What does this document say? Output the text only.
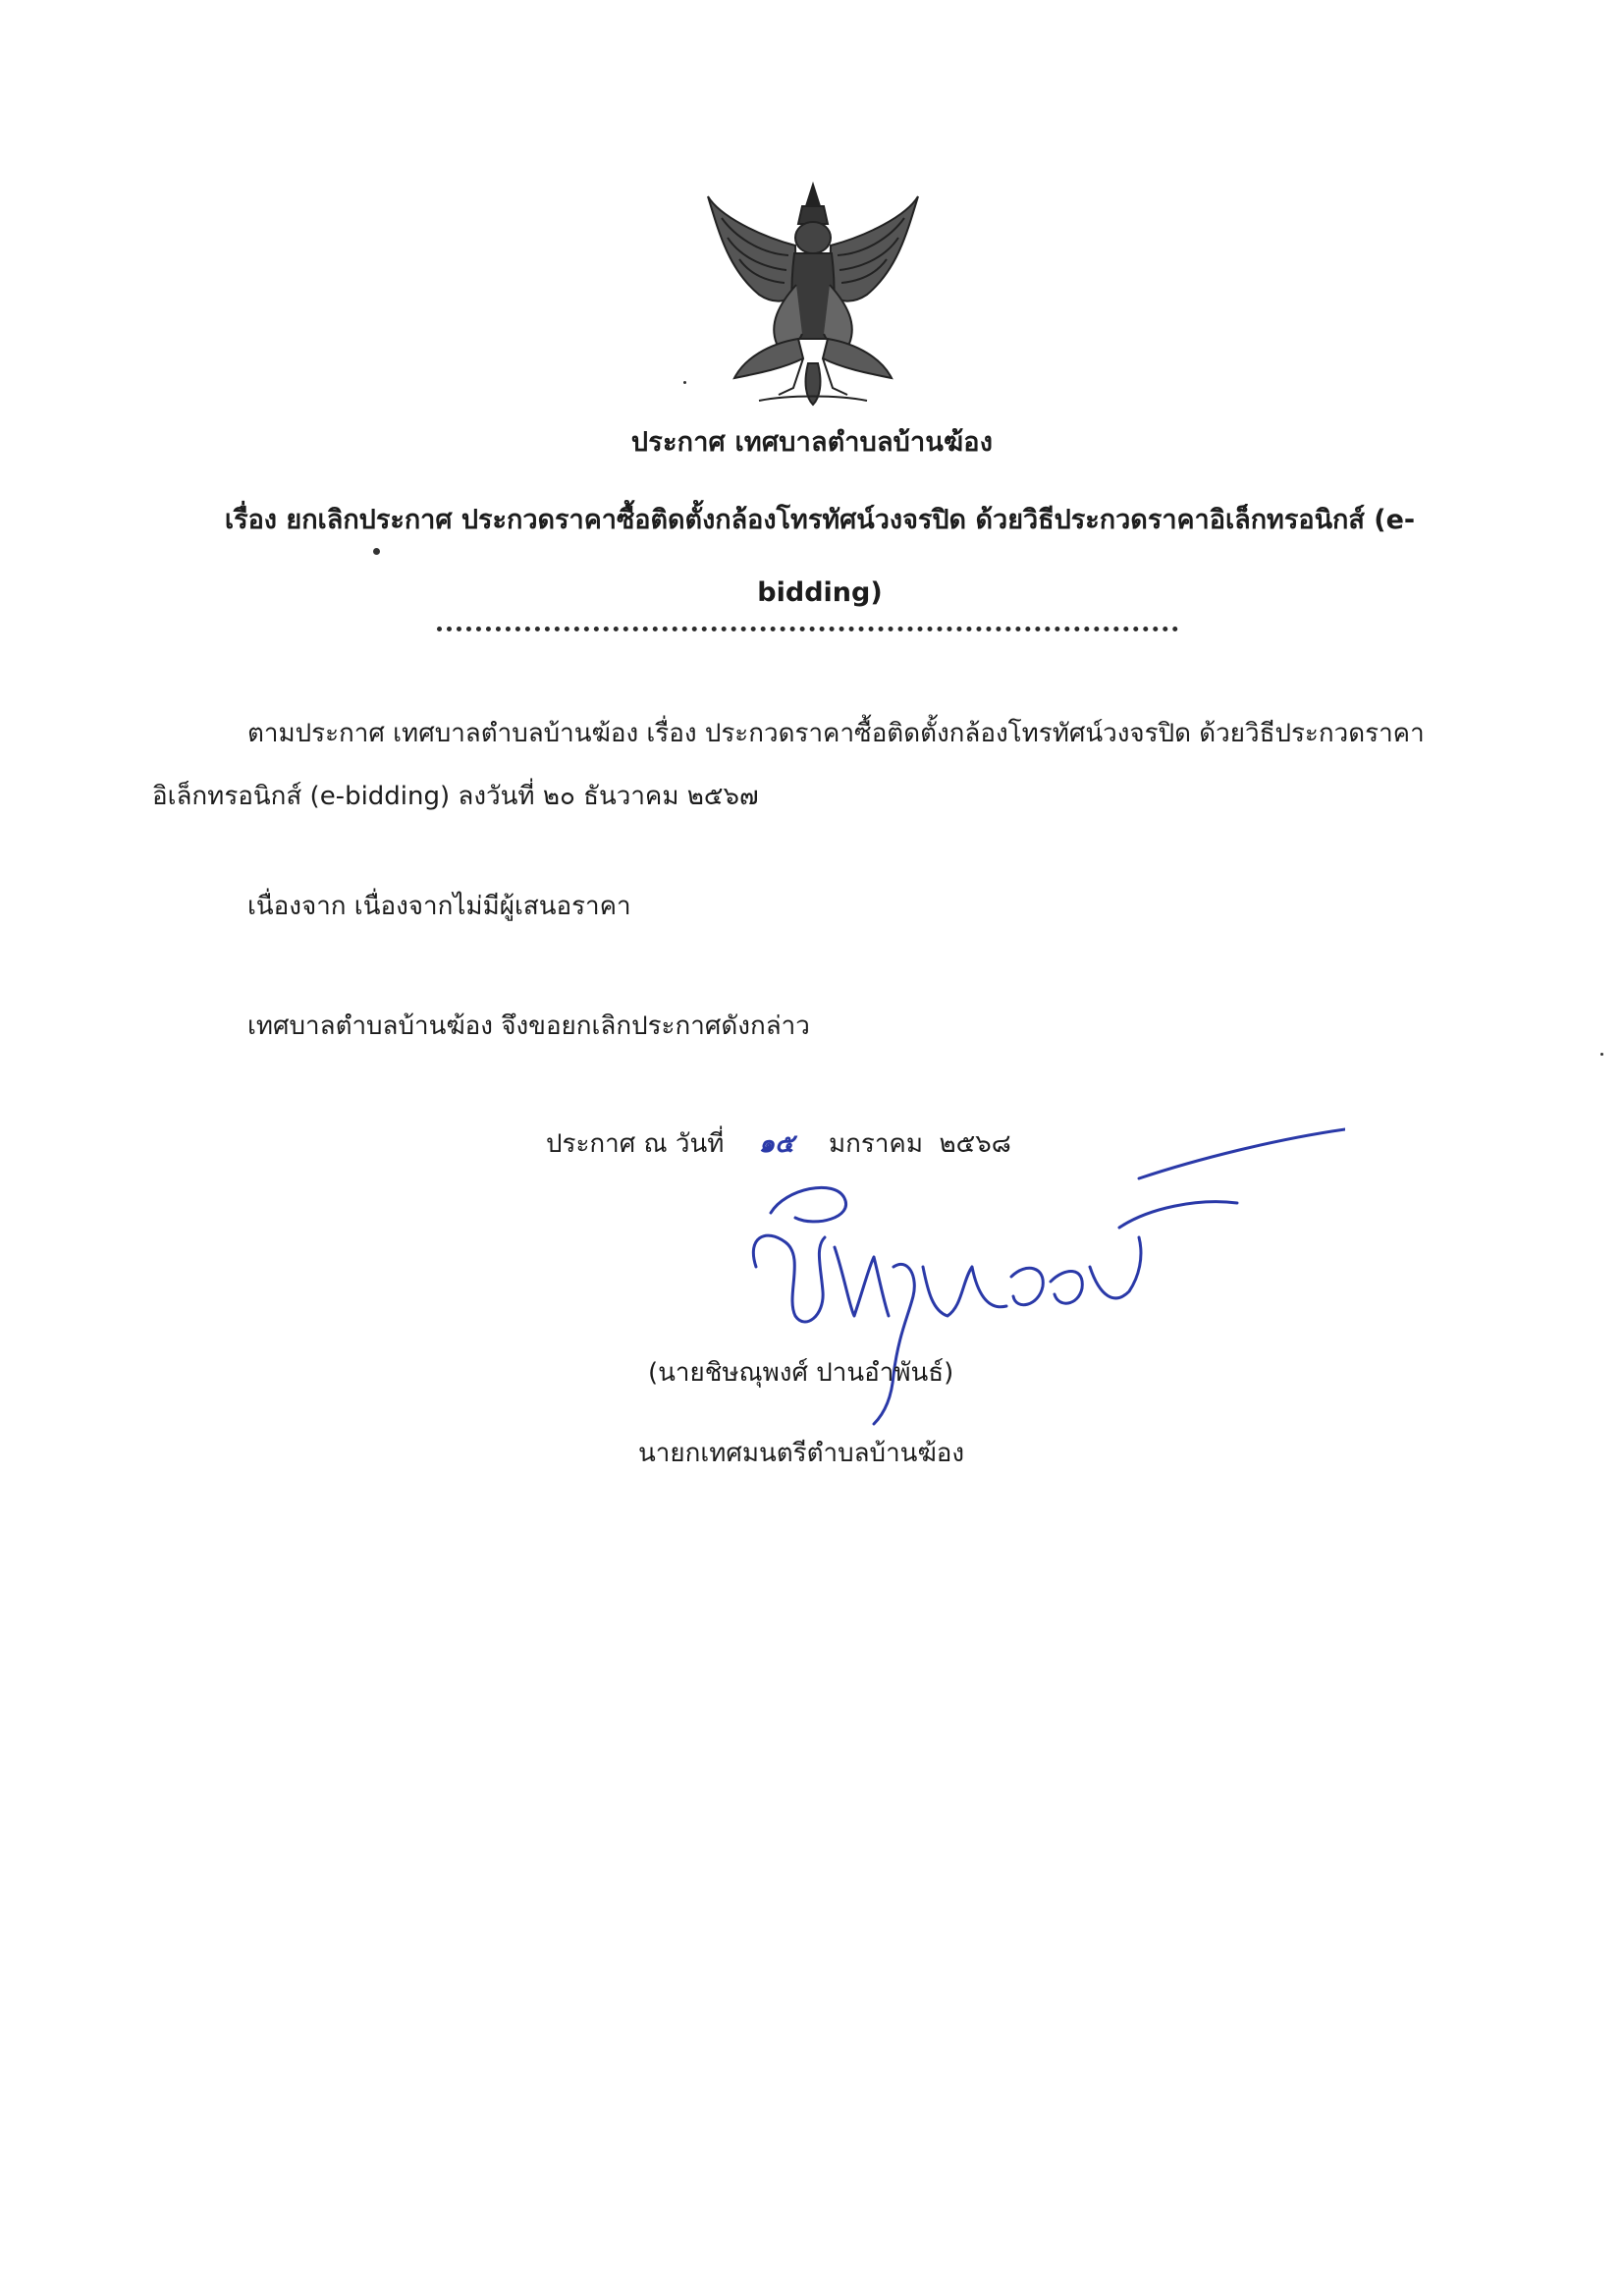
ประกาศ เทศบาลตำบลบ้านฆ้อง
เรื่อง ยกเลิกประกาศ ประกวดราคาซื้อติดตั้งกล้องโทรทัศน์วงจรปิด ด้วยวิธีประกวดราคาอิเล็กทรอนิกส์ (e-bidding)
ตามประกาศ เทศบาลตำบลบ้านฆ้อง เรื่อง ประกวดราคาซื้อติดตั้งกล้องโทรทัศน์วงจรปิด ด้วยวิธีประกวดราคาอิเล็กทรอนิกส์ (e-bidding) ลงวันที่ ๒๐ ธันวาคม ๒๕๖๗
เนื่องจาก เนื่องจากไม่มีผู้เสนอราคา
เทศบาลตำบลบ้านฆ้อง จึงขอยกเลิกประกาศดังกล่าว
ประกาศ ณ วันที่ ๑๕ มกราคม  ๒๕๖๘
(นายชิษณุพงศ์ ปานอำพันธ์)
นายกเทศมนตรีตำบลบ้านฆ้อง
